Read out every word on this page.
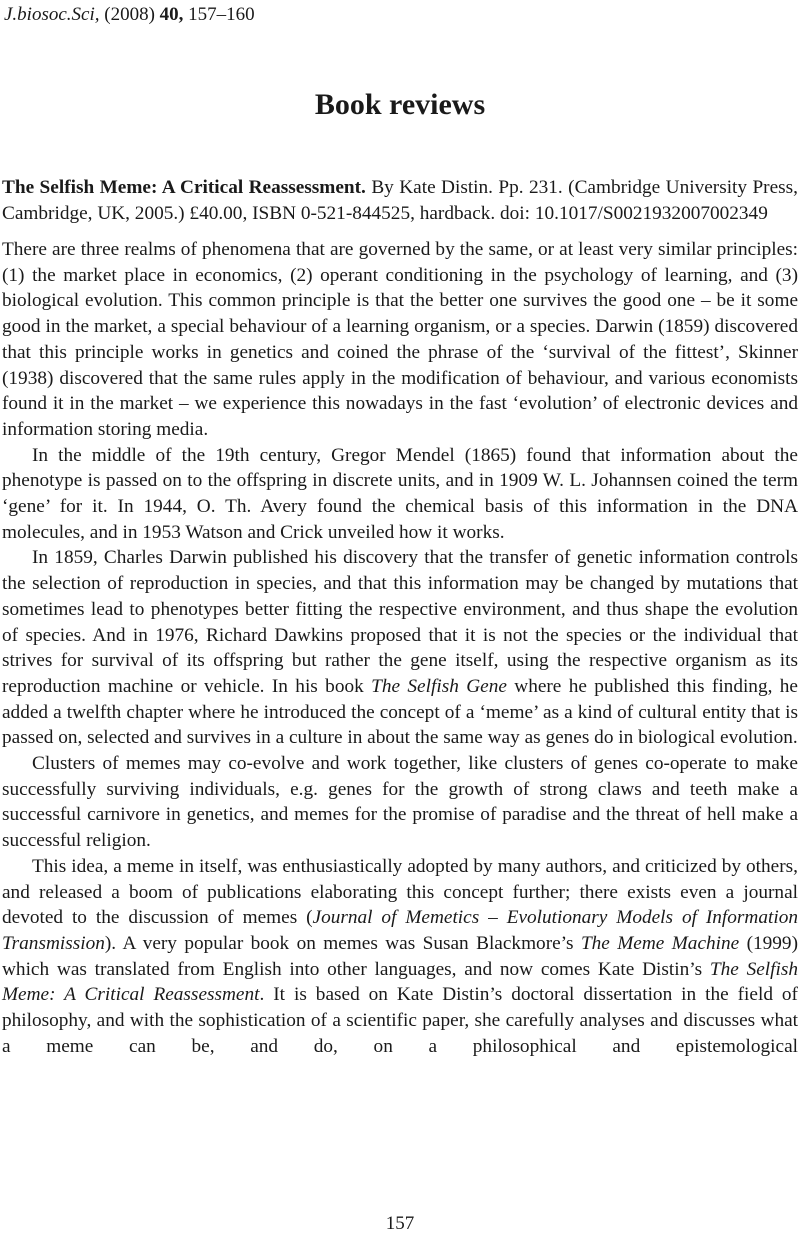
J.biosoc.Sci, (2008) 40, 157–160
Book reviews
The Selfish Meme: A Critical Reassessment. By Kate Distin. Pp. 231. (Cambridge University Press, Cambridge, UK, 2005.) £40.00, ISBN 0-521-844525, hardback. doi: 10.1017/S0021932007002349

There are three realms of phenomena that are governed by the same, or at least very similar principles: (1) the market place in economics, (2) operant conditioning in the psychology of learning, and (3) biological evolution. This common principle is that the better one survives the good one – be it some good in the market, a special behaviour of a learning organism, or a species. Darwin (1859) discovered that this principle works in genetics and coined the phrase of the ‘survival of the fittest’, Skinner (1938) discovered that the same rules apply in the modification of behaviour, and various economists found it in the market – we experience this nowadays in the fast ‘evolution’ of electronic devices and information storing media.

In the middle of the 19th century, Gregor Mendel (1865) found that information about the phenotype is passed on to the offspring in discrete units, and in 1909 W. L. Johannsen coined the term ‘gene’ for it. In 1944, O. Th. Avery found the chemical basis of this information in the DNA molecules, and in 1953 Watson and Crick unveiled how it works.

In 1859, Charles Darwin published his discovery that the transfer of genetic information controls the selection of reproduction in species, and that this information may be changed by mutations that sometimes lead to phenotypes better fitting the respective environment, and thus shape the evolution of species. And in 1976, Richard Dawkins proposed that it is not the species or the individual that strives for survival of its offspring but rather the gene itself, using the respective organism as its reproduction machine or vehicle. In his book The Selfish Gene where he published this finding, he added a twelfth chapter where he introduced the concept of a ‘meme’ as a kind of cultural entity that is passed on, selected and survives in a culture in about the same way as genes do in biological evolution.

Clusters of memes may co-evolve and work together, like clusters of genes co-operate to make successfully surviving individuals, e.g. genes for the growth of strong claws and teeth make a successful carnivore in genetics, and memes for the promise of paradise and the threat of hell make a successful religion.

This idea, a meme in itself, was enthusiastically adopted by many authors, and criticized by others, and released a boom of publications elaborating this concept further; there exists even a journal devoted to the discussion of memes (Journal of Memetics – Evolutionary Models of Information Transmission). A very popular book on memes was Susan Blackmore’s The Meme Machine (1999) which was translated from English into other languages, and now comes Kate Distin’s The Selfish Meme: A Critical Reassessment. It is based on Kate Distin’s doctoral dissertation in the field of philosophy, and with the sophistication of a scientific paper, she carefully analyses and discusses what a meme can be, and do, on a philosophical and epistemological

157
